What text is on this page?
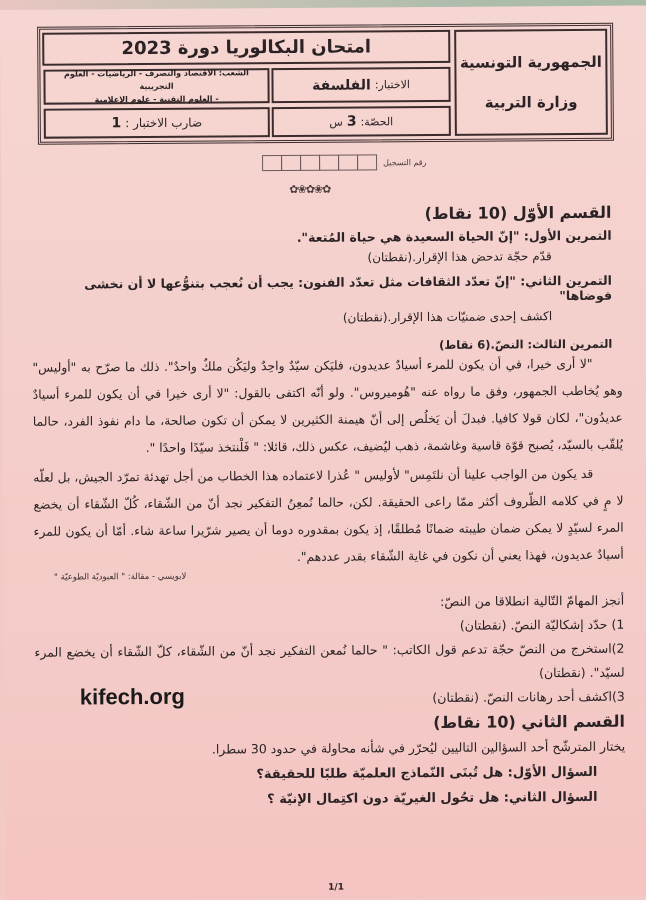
الجمهورية التونسية
وزارة التربية
امتحان البكالوريا دورة 2023
الاختبار:
الفلسفة
الشعب: الاقتصاد والتصرف - الرياضيات - العلوم التجريبية
- العلوم التقنية - علوم الإعلامية
الحصّة:
3
س
ضارب الاختبار :
1
رقم التسجيل
✿❀✿❀✿
القسم الأوّل (10 نقاط)
التمرين الأول: "إنّ الحياة السعيدة هي حياة المُتعة".
قدّم حجّة تدحض هذا الإقرار.(نقطتان)
التمرين الثاني: "إنّ تعدّد الثقافات مثل تعدّد الفنون: يجب أن نُعجب بتنوُّعها لا أن نخشى فوضاها"
اكشف إحدى ضمنيّات هذا الإقرار.(نقطتان)
التمرين الثالث: النصّ.(6 نقاط)
"لا أرى خيرا، في أن يكون للمرء أسيادٌ عديدون، فليَكن سيّدٌ واحِدٌ وليَكُن ملكٌ واحدٌ". ذلك ما صرّح به "أوليس" وهو يُخاطب الجمهور، وفق ما رواه عنه "هُوميروس". ولو أنّه اكتفى بالقول: "لا أرى خيرا في أن يكون للمرء أسيادٌ عديدُون"، لكان قولا كافيا. فبدلَ أن يَخلُص إلى أنّ هيمنة الكثيرين لا يمكن أن تكون صالحة، ما دام نفوذ الفرد، حالما يُلقّب بالسيّد، يُصبح قوّة قاسية وغاشمة، ذهب ليُضيف، عكس ذلك، قائلا: " فَلْنتخذ سيّدًا واحدًا ".
قد يكون من الواجب علينا أن نلتَمِس" لأوليس " عُذرا لاعتماده هذا الخطاب من أجل تهدئة تمرّد الجيش، بل لعلّه لا مٍ في كلامه الظّروف أكثر ممّا راعى الحقيقة. لكن، حالما نُمعِنُ التفكير نجد أنّ من الشّقاء، كُلّ الشّقاء أن يخضع المرء لسيّدٍ لا يمكن ضمان طيبته ضمانًا مُطلقًا، إذ يكون بمقدوره دوما أن يصير شرّيرا ساعة شاء. أمّا أن يكون للمرء أسيادٌ عديدون، فهذا يعني أن نكون في غاية الشّقاء بقدر عددهم".
لابويسي - مقالة: " العبوديّة الطوعيّة "
أنجز المهامّ التّالية انطلاقا من النصّ:
1) حدّد إشكاليّة النصّ. (نقطتان)
2)استخرج من النصّ حجّة تدعم قول الكاتب: " حالما نُمعن التفكير نجد أنّ من الشّقاء، كلّ الشّقاء أن يخضع المرء لسيّد". (نقطتان)
3)اكشف أحد رهانات النصّ. (نقطتان)
القسم الثاني (10 نقاط)
يختار المترشّح أحد السؤالين التاليين ليُحرّر في شأنه محاولة في حدود 30 سطرا.
السؤال الأوّل: هل تُبنَى النّماذج العلميّة طلبًا للحقيقة؟
السؤال الثاني: هل تحُول الغيريّة دون اكتِمال الإنيّة ؟
kifech.org
1/1
